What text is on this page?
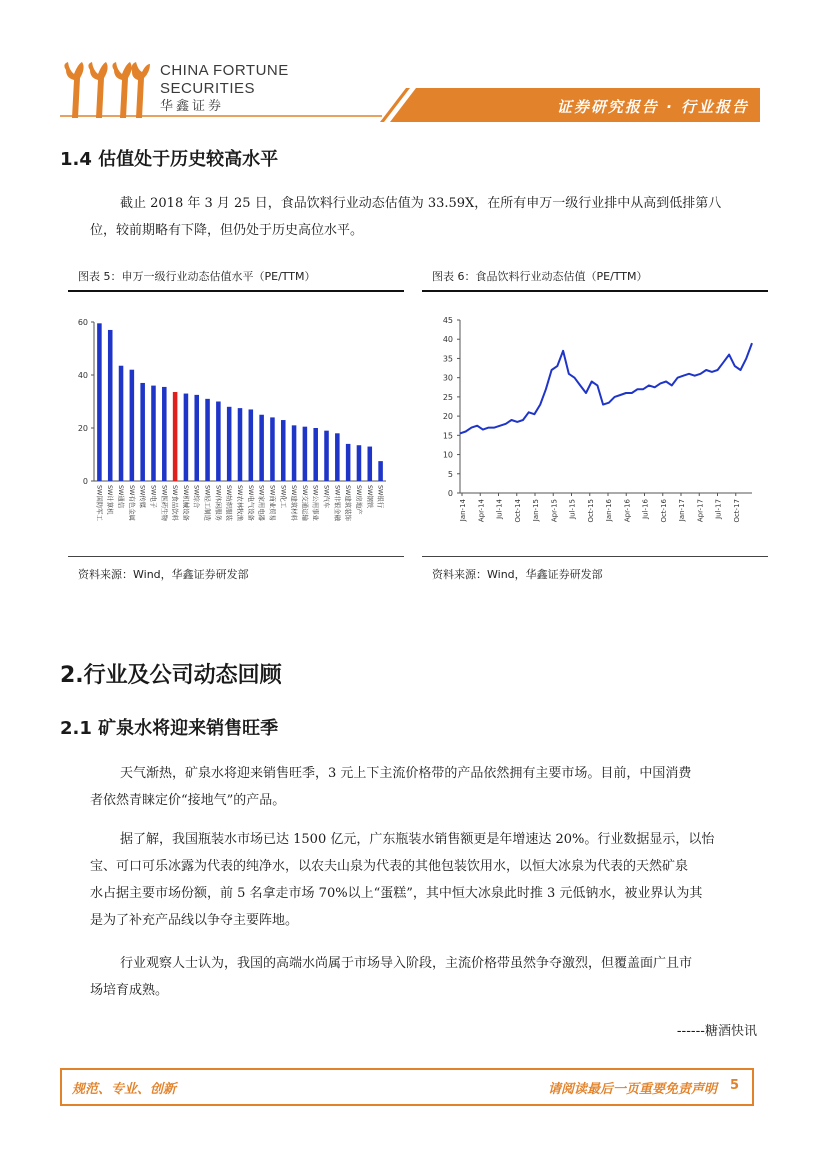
CHINA FORTUNE
SECURITIES
华鑫证券	证券研究报告 · 行业报告
1.4 估值处于历史较高水平
截止 2018 年 3 月 25 日，食品饮料行业动态估值为 33.59X，在所有申万一级行业排中从高到低排第八
位，较前期略有下降，但仍处于历史高位水平。
图表 5：申万一级行业动态估值水平（PE/TTM）
0
20
40
60
SW国防军工 SW计算机 SW通信 SW有色金属 SW传媒 SW电子 SW医药生物 SW食品饮料 SW机械设备 SW综合 SW轻工制造 SW休闲服务 SW纺织服装 SW农林牧渔 SW电气设备 SW家用电器 SW商业贸易 SW化工 SW建筑材料 SW交通运输 SW公用事业 SW汽车 SW非银金融 SW建筑装饰 SW房地产 SW钢铁 SW银行
资料来源：Wind，华鑫证券研发部
图表 6：食品饮料行业动态估值（PE/TTM）
0
5
10
15
20
25
30
35
40
45
Jan-14 Apr-14 Jul-14 Oct-14 Jan-15 Apr-15 Jul-15 Oct-15 Jan-16 Apr-16 Jul-16 Oct-16 Jan-17 Apr-17 Jul-17 Oct-17
资料来源：Wind，华鑫证券研发部
2.行业及公司动态回顾
2.1 矿泉水将迎来销售旺季
天气渐热，矿泉水将迎来销售旺季，3 元上下主流价格带的产品依然拥有主要市场。目前，中国消费
者依然青睐定价“接地气”的产品。
据了解，我国瓶装水市场已达 1500 亿元，广东瓶装水销售额更是年增速达 20%。行业数据显示，以怡
宝、可口可乐冰露为代表的纯净水，以农夫山泉为代表的其他包装饮用水，以恒大冰泉为代表的天然矿泉
水占据主要市场份额，前 5 名拿走市场 70%以上“蛋糕”，其中恒大冰泉此时推 3 元低钠水，被业界认为其
是为了补充产品线以争夺主要阵地。
行业观察人士认为，我国的高端水尚属于市场导入阶段，主流价格带虽然争夺激烈，但覆盖面广且市
场培育成熟。
------糖酒快讯
规范、专业、创新	请阅读最后一页重要免责声明 5
